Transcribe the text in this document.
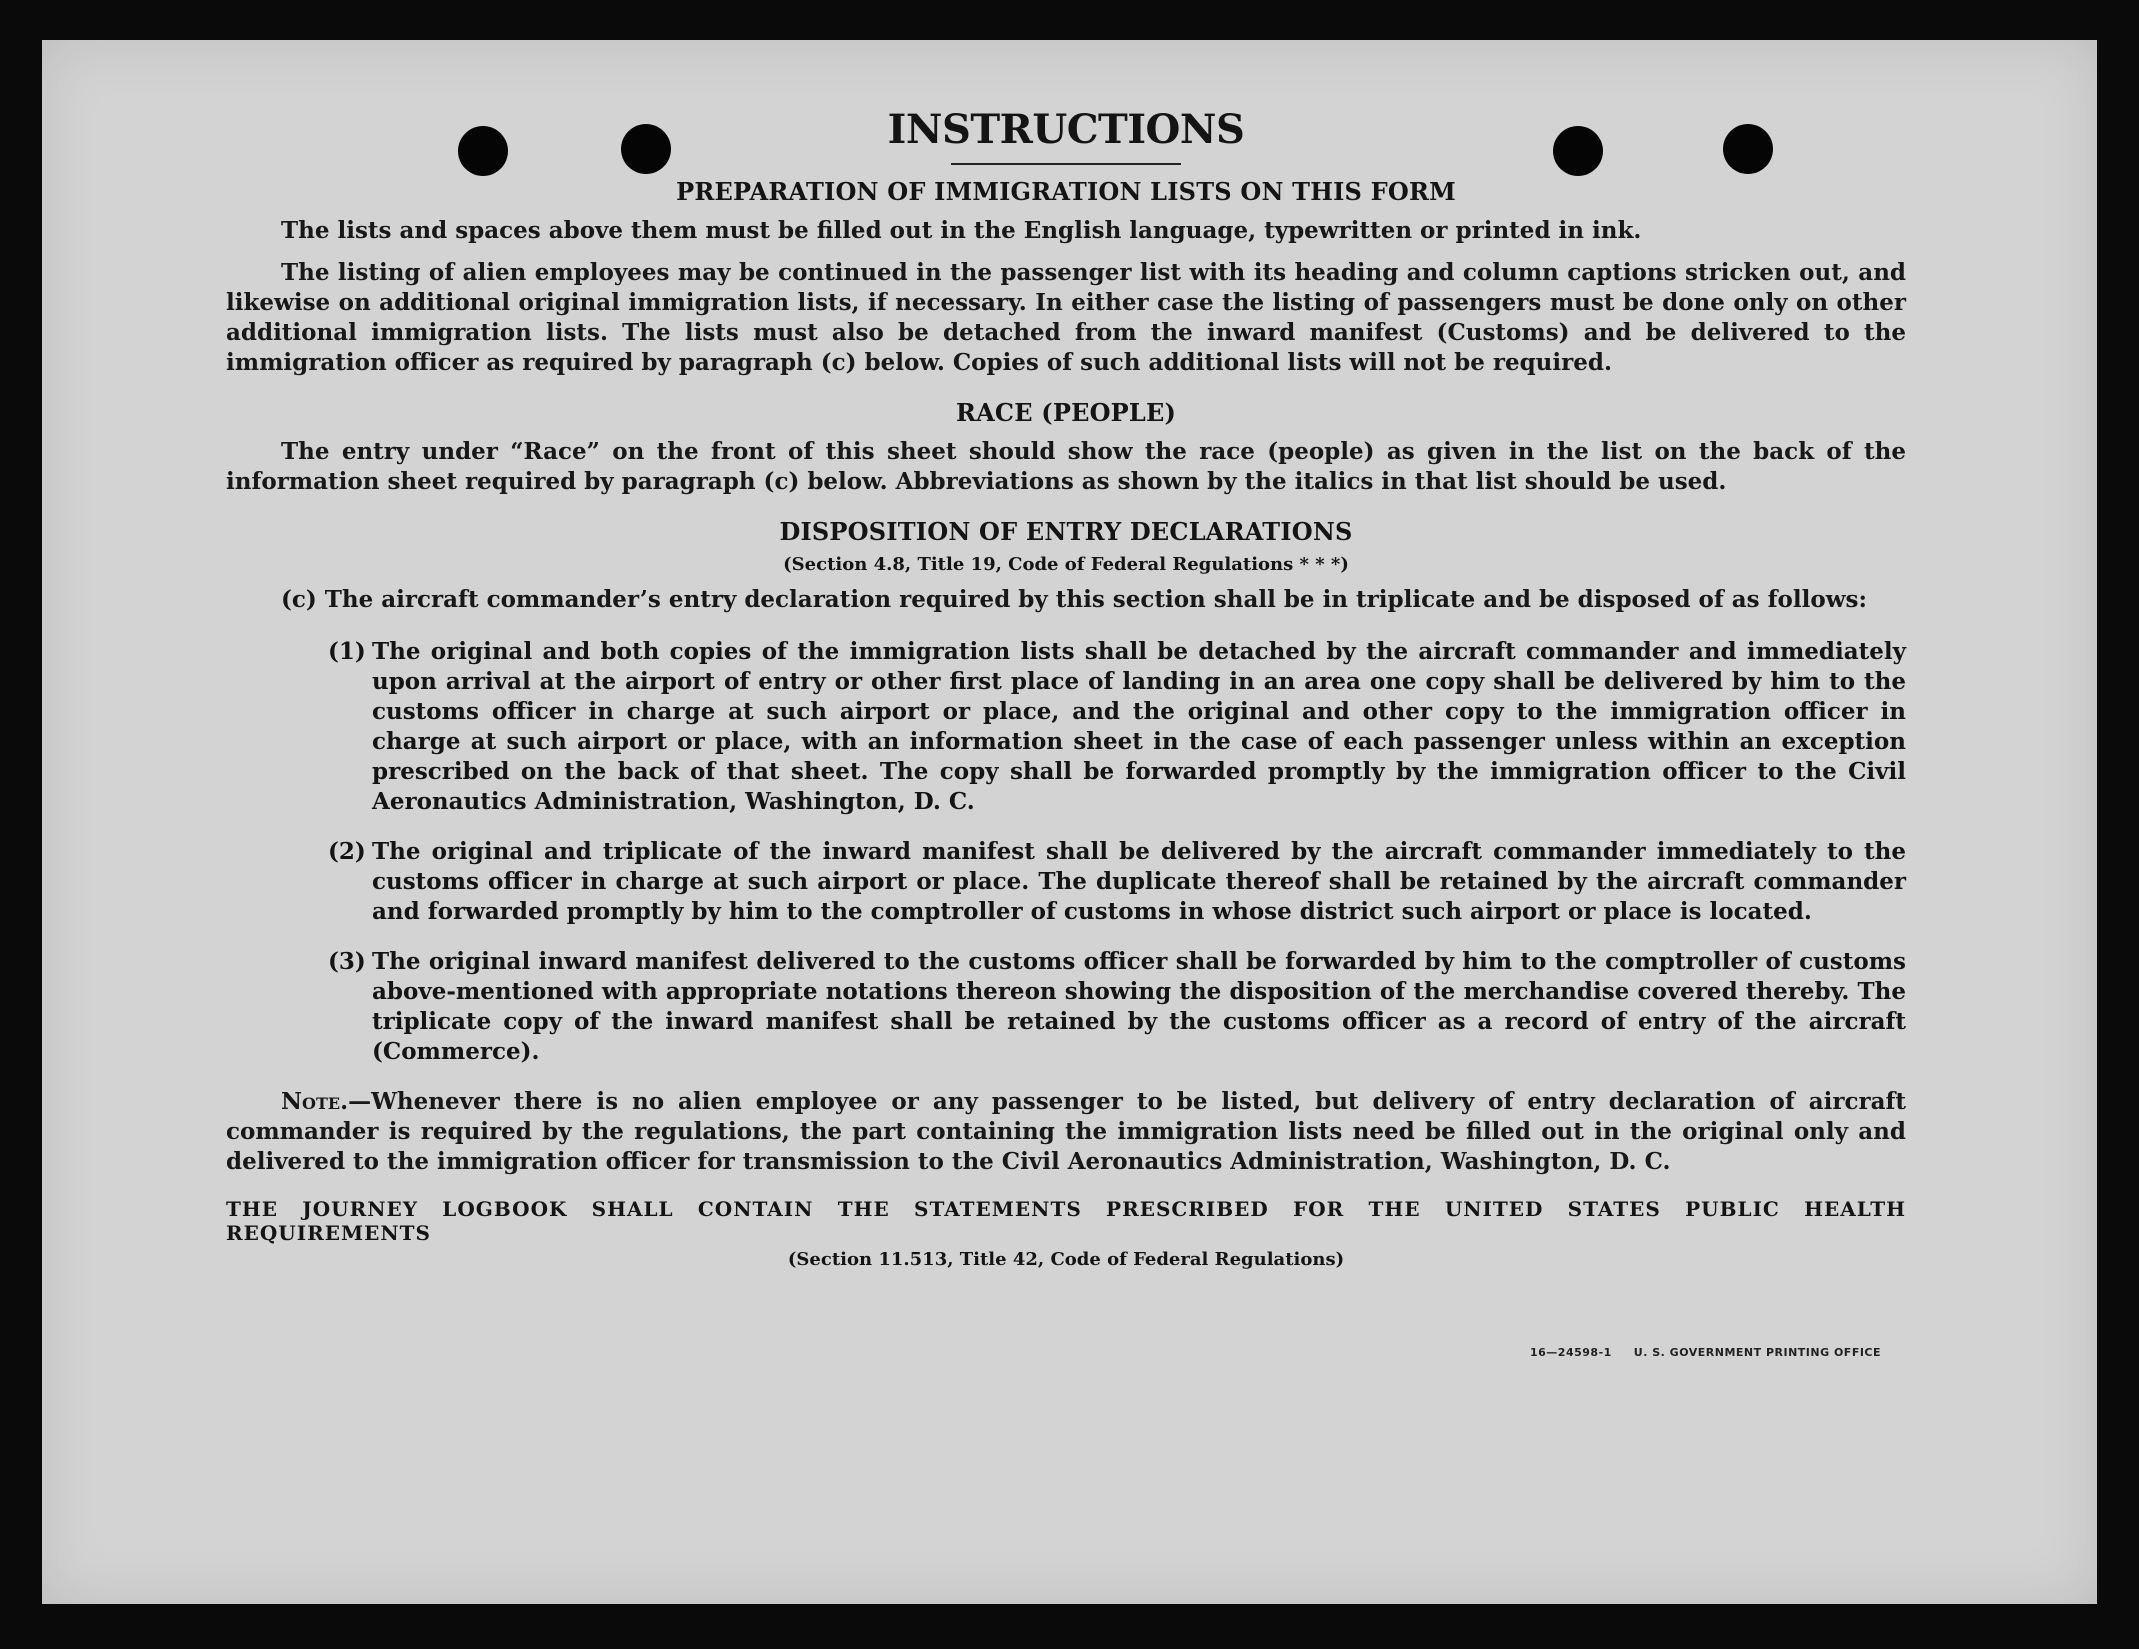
INSTRUCTIONS
PREPARATION OF IMMIGRATION LISTS ON THIS FORM

The lists and spaces above them must be filled out in the English language, typewritten or printed in ink.

The listing of alien employees may be continued in the passenger list with its heading and column captions stricken out, and likewise on additional original immigration lists, if necessary. In either case the listing of passengers must be done only on other additional immigration lists. The lists must also be detached from the inward manifest (Customs) and be delivered to the immigration officer as required by paragraph (c) below. Copies of such additional lists will not be required.

RACE (PEOPLE)

The entry under “Race” on the front of this sheet should show the race (people) as given in the list on the back of the information sheet required by paragraph (c) below. Abbreviations as shown by the italics in that list should be used.

DISPOSITION OF ENTRY DECLARATIONS
(Section 4.8, Title 19, Code of Federal Regulations * * *)

(c) The aircraft commander’s entry declaration required by this section shall be in triplicate and be disposed of as follows:

(1) The original and both copies of the immigration lists shall be detached by the aircraft commander and immediately upon arrival at the airport of entry or other first place of landing in an area one copy shall be delivered by him to the customs officer in charge at such airport or place, and the original and other copy to the immigration officer in charge at such airport or place, with an information sheet in the case of each passenger unless within an exception prescribed on the back of that sheet. The copy shall be forwarded promptly by the immigration officer to the Civil Aeronautics Administration, Washington, D. C.
(2) The original and triplicate of the inward manifest shall be delivered by the aircraft commander immediately to the customs officer in charge at such airport or place. The duplicate thereof shall be retained by the aircraft commander and forwarded promptly by him to the comptroller of customs in whose district such airport or place is located.
(3) The original inward manifest delivered to the customs officer shall be forwarded by him to the comptroller of customs above-mentioned with appropriate notations thereon showing the disposition of the merchandise covered thereby. The triplicate copy of the inward manifest shall be retained by the customs officer as a record of entry of the aircraft (Commerce).

Note.—Whenever there is no alien employee or any passenger to be listed, but delivery of entry declaration of aircraft commander is required by the regulations, the part containing the immigration lists need be filled out in the original only and delivered to the immigration officer for transmission to the Civil Aeronautics Administration, Washington, D. C.

THE JOURNEY LOGBOOK SHALL CONTAIN THE STATEMENTS PRESCRIBED FOR THE UNITED STATES PUBLIC HEALTH REQUIREMENTS
(Section 11.513, Title 42, Code of Federal Regulations)
16—24598-1 U. S. GOVERNMENT PRINTING OFFICE
